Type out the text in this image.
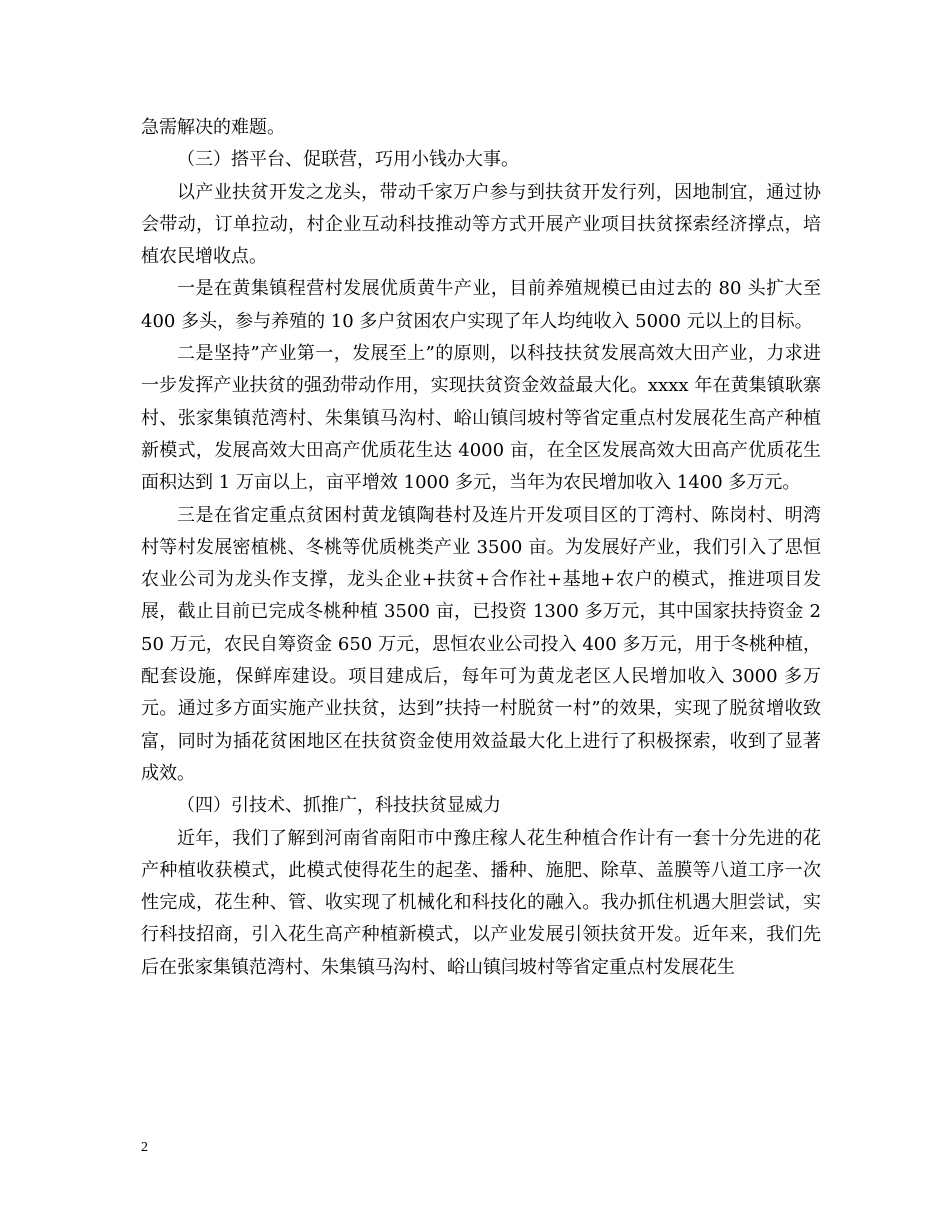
急需解决的难题。

（三）搭平台、促联营，巧用小钱办大事。

以产业扶贫开发之龙头，带动千家万户参与到扶贫开发行列，因地制宜，通过协会带动，订单拉动，村企业互动科技推动等方式开展产业项目扶贫探索经济撑点，培植农民增收点。

一是在黄集镇程营村发展优质黄牛产业，目前养殖规模已由过去的 80 头扩大至 400 多头，参与养殖的 10 多户贫困农户实现了年人均纯收入 5000 元以上的目标。

二是坚持”产业第一，发展至上”的原则，以科技扶贫发展高效大田产业，力求进一步发挥产业扶贫的强劲带动作用，实现扶贫资金效益最大化。xxxx 年在黄集镇耿寨村、张家集镇范湾村、朱集镇马沟村、峪山镇闫坡村等省定重点村发展花生高产种植新模式，发展高效大田高产优质花生达 4000 亩，在全区发展高效大田高产优质花生面积达到 1 万亩以上，亩平增效 1000 多元，当年为农民增加收入 1400 多万元。

三是在省定重点贫困村黄龙镇陶巷村及连片开发项目区的丁湾村、陈岗村、明湾村等村发展密植桃、冬桃等优质桃类产业 3500 亩。为发展好产业，我们引入了思恒农业公司为龙头作支撑，龙头企业+扶贫+合作社+基地+农户的模式，推进项目发展，截止目前已完成冬桃种植 3500 亩，已投资 1300 多万元，其中国家扶持资金 250 万元，农民自筹资金 650 万元，思恒农业公司投入 400 多万元，用于冬桃种植，配套设施，保鲜库建设。项目建成后，每年可为黄龙老区人民增加收入 3000 多万元。通过多方面实施产业扶贫，达到”扶持一村脱贫一村”的效果，实现了脱贫增收致富，同时为插花贫困地区在扶贫资金使用效益最大化上进行了积极探索，收到了显著成效。

（四）引技术、抓推广，科技扶贫显威力

近年，我们了解到河南省南阳市中豫庄稼人花生种植合作计有一套十分先进的花产种植收获模式，此模式使得花生的起垄、播种、施肥、除草、盖膜等八道工序一次性完成，花生种、管、收实现了机械化和科技化的融入。我办抓住机遇大胆尝试，实行科技招商，引入花生高产种植新模式，以产业发展引领扶贫开发。近年来，我们先后在张家集镇范湾村、朱集镇马沟村、峪山镇闫坡村等省定重点村发展花生

2
